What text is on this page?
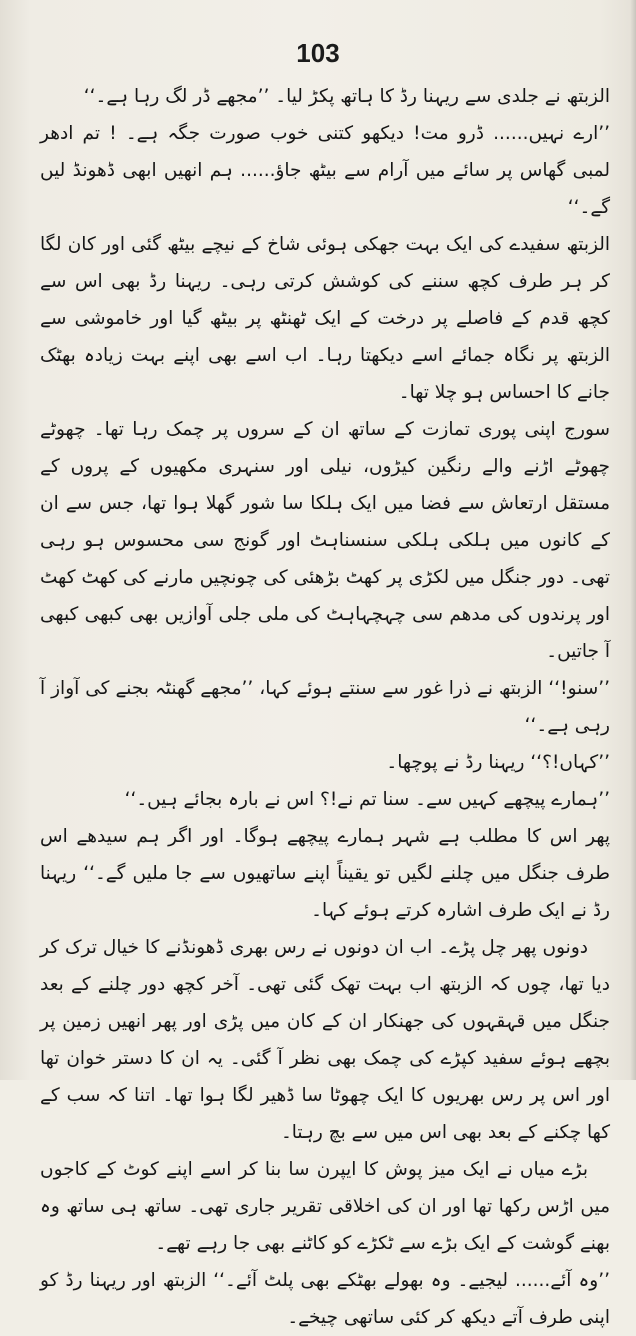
103

الزبتھ نے جلدی سے ریہنا رڈ کا ہاتھ پکڑ لیا۔ ’’مجھے ڈر لگ رہا ہے۔‘‘

’’ارے نہیں...... ڈرو مت! دیکھو کتنی خوب صورت جگہ ہے۔ ! تم ادھر لمبی گھاس پر سائے میں آرام سے بیٹھ جاؤ...... ہم انھیں ابھی ڈھونڈ لیں گے۔‘‘

الزبتھ سفیدے کی ایک بہت جھکی ہوئی شاخ کے نیچے بیٹھ گئی اور کان لگا کر ہر طرف کچھ سننے کی کوشش کرتی رہی۔ ریہنا رڈ بھی اس سے کچھ قدم کے فاصلے پر درخت کے ایک ٹھنٹھ پر بیٹھ گیا اور خاموشی سے الزبتھ پر نگاہ جمائے اسے دیکھتا رہا۔ اب اسے بھی اپنے بہت زیادہ بھٹک جانے کا احساس ہو چلا تھا۔

سورج اپنی پوری تمازت کے ساتھ ان کے سروں پر چمک رہا تھا۔ چھوٹے چھوٹے اڑنے والے رنگین کیڑوں، نیلی اور سنہری مکھیوں کے پروں کے مستقل ارتعاش سے فضا میں ایک ہلکا سا شور گھلا ہوا تھا، جس سے ان کے کانوں میں ہلکی ہلکی سنسناہٹ اور گونج سی محسوس ہو رہی تھی۔ دور جنگل میں لکڑی پر کھٹ بڑھئی کی چونچیں مارنے کی کھٹ کھٹ اور پرندوں کی مدھم سی چہچہاہٹ کی ملی جلی آوازیں بھی کبھی کبھی آ جاتیں۔

’’سنو!‘‘ الزبتھ نے ذرا غور سے سنتے ہوئے کہا، ’’مجھے گھنٹہ بجنے کی آواز آ رہی ہے۔‘‘

’’کہاں!؟‘‘ ریہنا رڈ نے پوچھا۔

’’ہمارے پیچھے کہیں سے۔ سنا تم نے!؟ اس نے بارہ بجائے ہیں۔‘‘

پھر اس کا مطلب ہے شہر ہمارے پیچھے ہوگا۔ اور اگر ہم سیدھے اس طرف جنگل میں چلنے لگیں تو یقیناً اپنے ساتھیوں سے جا ملیں گے۔‘‘ ریہنا رڈ نے ایک طرف اشارہ کرتے ہوئے کہا۔

دونوں پھر چل پڑے۔ اب ان دونوں نے رس بھری ڈھونڈنے کا خیال ترک کر دیا تھا، چوں کہ الزبتھ اب بہت تھک گئی تھی۔ آخر کچھ دور چلنے کے بعد جنگل میں قہقہوں کی جھنکار ان کے کان میں پڑی اور پھر انھیں زمین پر بچھے ہوئے سفید کپڑے کی چمک بھی نظر آ گئی۔ یہ ان کا دستر خوان تھا اور اس پر رس بھریوں کا ایک چھوٹا سا ڈھیر لگا ہوا تھا۔ اتنا کہ سب کے کھا چکنے کے بعد بھی اس میں سے بچ رہتا۔

بڑے میاں نے ایک میز پوش کا ایپرن سا بنا کر اسے اپنے کوٹ کے کاجوں میں اڑس رکھا تھا اور ان کی اخلاقی تقریر جاری تھی۔ ساتھ ہی ساتھ وہ بھنے گوشت کے ایک بڑے سے ٹکڑے کو کاٹنے بھی جا رہے تھے۔

’’وہ آئے...... لیجیے۔ وہ بھولے بھٹکے بھی پلٹ آئے۔‘‘ الزبتھ اور ریہنا رڈ کو اپنی طرف آتے دیکھ کر کئی ساتھی چیخے۔
